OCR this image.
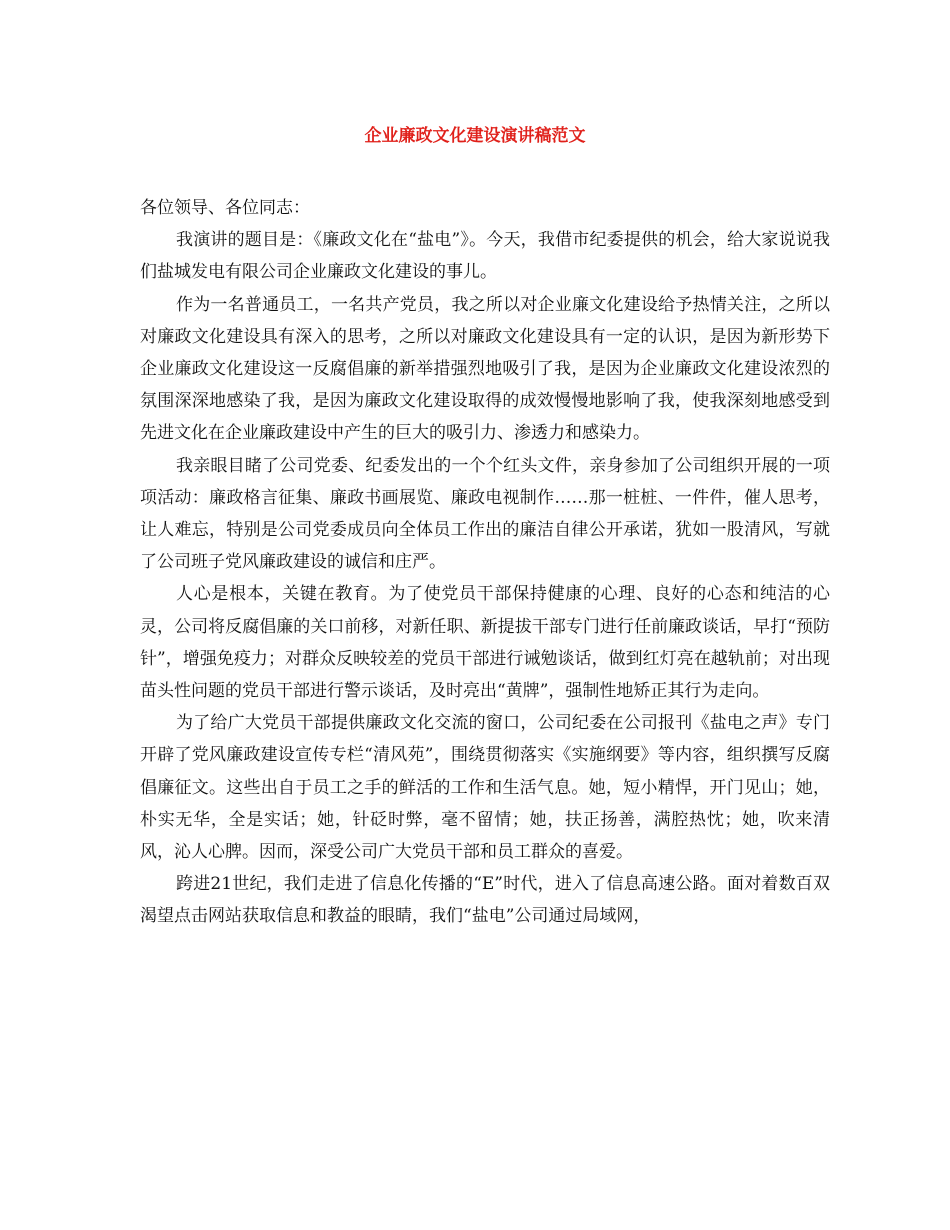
企业廉政文化建设演讲稿范文

各位领导、各位同志：

我演讲的题目是：《廉政文化在“盐电”》。今天，我借市纪委提供的机会，给大家说说我们盐城发电有限公司企业廉政文化建设的事儿。

作为一名普通员工，一名共产党员，我之所以对企业廉文化建设给予热情关注，之所以对廉政文化建设具有深入的思考，之所以对廉政文化建设具有一定的认识，是因为新形势下企业廉政文化建设这一反腐倡廉的新举措强烈地吸引了我，是因为企业廉政文化建设浓烈的氛围深深地感染了我，是因为廉政文化建设取得的成效慢慢地影响了我，使我深刻地感受到先进文化在企业廉政建设中产生的巨大的吸引力、渗透力和感染力。

我亲眼目睹了公司党委、纪委发出的一个个红头文件，亲身参加了公司组织开展的一项项活动：廉政格言征集、廉政书画展览、廉政电视制作……那一桩桩、一件件，催人思考，让人难忘，特别是公司党委成员向全体员工作出的廉洁自律公开承诺，犹如一股清风，写就了公司班子党风廉政建设的诚信和庄严。

人心是根本，关键在教育。为了使党员干部保持健康的心理、良好的心态和纯洁的心灵，公司将反腐倡廉的关口前移，对新任职、新提拔干部专门进行任前廉政谈话，早打“预防针”，增强免疫力；对群众反映较差的党员干部进行诫勉谈话，做到红灯亮在越轨前；对出现苗头性问题的党员干部进行警示谈话，及时亮出“黄牌”，强制性地矫正其行为走向。

为了给广大党员干部提供廉政文化交流的窗口，公司纪委在公司报刊《盐电之声》专门开辟了党风廉政建设宣传专栏“清风苑”，围绕贯彻落实《实施纲要》等内容，组织撰写反腐倡廉征文。这些出自于员工之手的鲜活的工作和生活气息。她，短小精悍，开门见山；她，朴实无华，全是实话；她，针砭时弊，毫不留情；她，扶正扬善，满腔热忱；她，吹来清风，沁人心脾。因而，深受公司广大党员干部和员工群众的喜爱。

跨进21世纪，我们走进了信息化传播的“E”时代，进入了信息高速公路。面对着数百双渴望点击网站获取信息和教益的眼睛，我们“盐电”公司通过局域网，
